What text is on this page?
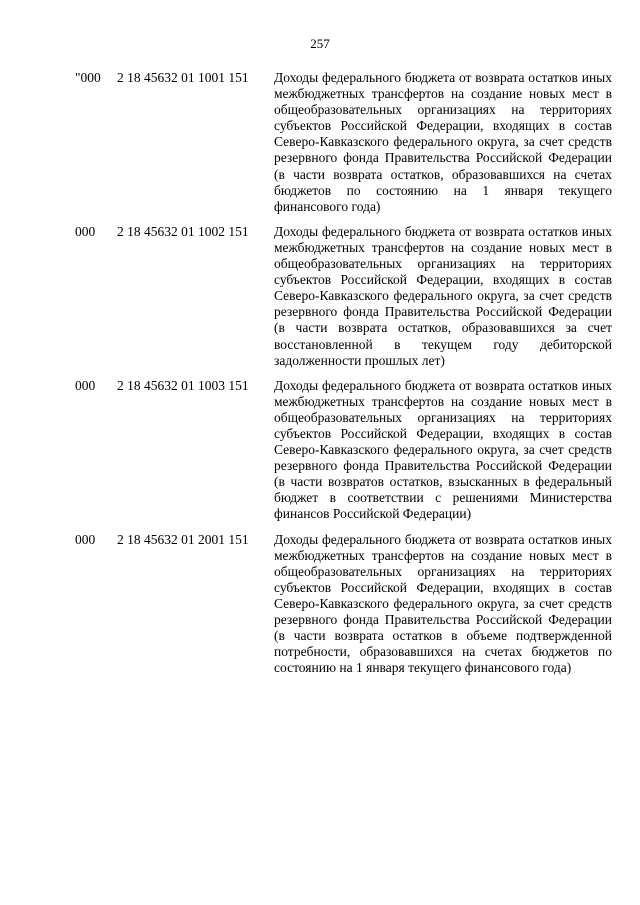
257
"000 2 18 45632 01 1001 151 Доходы федерального бюджета от возврата остатков иных межбюджетных трансфертов на создание новых мест в общеобразовательных организациях на территориях субъектов Российской Федерации, входящих в состав Северо-Кавказского федерального округа, за счет средств резервного фонда Правительства Российской Федерации (в части возврата остатков, образовавшихся на счетах бюджетов по состоянию на 1 января текущего финансового года)
000 2 18 45632 01 1002 151 Доходы федерального бюджета от возврата остатков иных межбюджетных трансфертов на создание новых мест в общеобразовательных организациях на территориях субъектов Российской Федерации, входящих в состав Северо-Кавказского федерального округа, за счет средств резервного фонда Правительства Российской Федерации (в части возврата остатков, образовавшихся за счет восстановленной в текущем году дебиторской задолженности прошлых лет)
000 2 18 45632 01 1003 151 Доходы федерального бюджета от возврата остатков иных межбюджетных трансфертов на создание новых мест в общеобразовательных организациях на территориях субъектов Российской Федерации, входящих в состав Северо-Кавказского федерального округа, за счет средств резервного фонда Правительства Российской Федерации (в части возвратов остатков, взысканных в федеральный бюджет в соответствии с решениями Министерства финансов Российской Федерации)
000 2 18 45632 01 2001 151 Доходы федерального бюджета от возврата остатков иных межбюджетных трансфертов на создание новых мест в общеобразовательных организациях на территориях субъектов Российской Федерации, входящих в состав Северо-Кавказского федерального округа, за счет средств резервного фонда Правительства Российской Федерации (в части возврата остатков в объеме подтвержденной потребности, образовавшихся на счетах бюджетов по состоянию на 1 января текущего финансового года)
